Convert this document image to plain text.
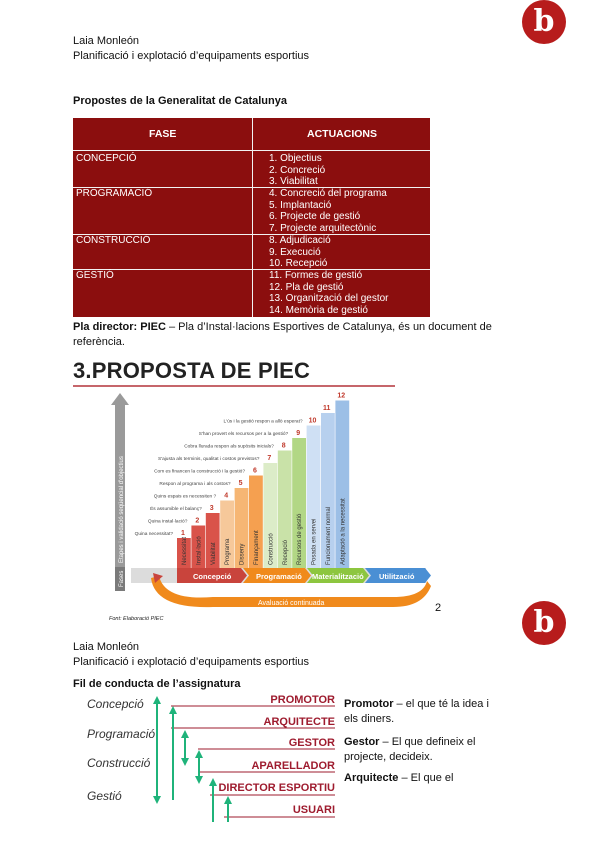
b
Laia Monleón
Planificació i explotació d’equipaments esportius
Propostes de la Generalitat de Catalunya
FASE	ACTUACIONS
CONCEPCIÓ	1. Objectius
2. Concreció
3. Viabilitat
PROGRAMACIÓ	4. Concreció del programa
5. Implantació
6. Projecte de gestió
7. Projecte arquitectònic
CONSTRUCCIÓ	8. Adjudicació
9. Execució
10. Recepció
GESTIÓ	11. Formes de gestió
12. Pla de gestió
13. Organització del gestor
14. Memòria de gestió
Pla director: PIEC – Pla d’Instal·lacions Esportives de Catalunya, és un document de referència.
3.PROPOSTA DE PIEC
Etapes i validació seqüencial d'objectius
Fases
Necessitat
1
Instal·lació
2
Viabilitat
3
Programa
4
Disseny
5
Finançament
6
Construcció
7
Recepció
8
Recursos de gestió
9
Posada en servei
10
Funcionament normal
11
Adaptació a la necessitat
12
Quina necessitat?
Quina instal·lació?
És assumible el balanç?
Quins espais es necessiten ?
Respon al programa i als costos?
Com es financen la construcció i la gestió?
S'ajusta als terminis, qualitat i costos previstos?
Cobra llurada respon als supòsits inicials?
S'han proveït els recursos per a la gestió?
L'ús i la gestió respon a allò esperat?
Concepció	Programació Materialització Utilització
Avaluació continuada
Font: Elaboració PIEC
2	b
Laia Monleón
Planificació i explotació d’equipaments esportius
Fil de conducta de l’assignatura
Concepció
Programació
Construcció
Gestió
PROMOTOR
ARQUITECTE
GESTOR
APARELLADOR
DIRECTOR ESPORTIU
USUARI
Promotor – el que té la idea i els diners.
Gestor – El que defineix el projecte, decideix.
Arquitecte – El que el
